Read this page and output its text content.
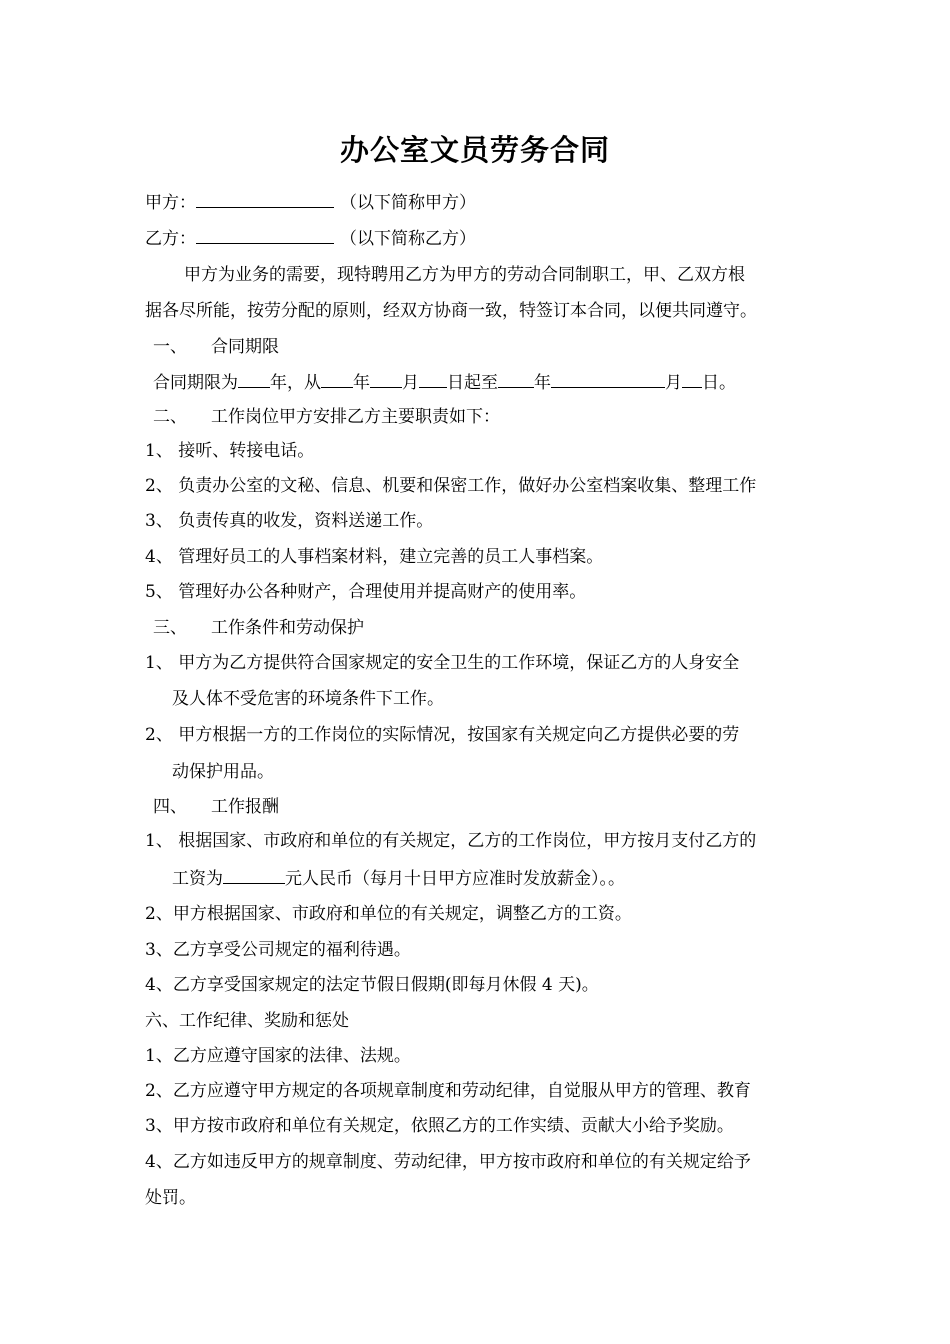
办公室文员劳务合同
甲方：	（以下简称甲方）
乙方：	（以下简称乙方）
甲方为业务的需要，现特聘用乙方为甲方的劳动合同制职工，甲、乙双方根
据各尽所能，按劳分配的原则，经双方协商一致，特签订本合同，以便共同遵守。
一、 合同期限
合同期限为 年，从 年 月 日起至 年	月 日。
二、 工作岗位甲方安排乙方主要职责如下：
1、 接听、转接电话。
2、 负责办公室的文秘、信息、机要和保密工作，做好办公室档案收集、整理工作
3、 负责传真的收发，资料送递工作。
4、 管理好员工的人事档案材料，建立完善的员工人事档案。
5、 管理好办公各种财产，合理使用并提高财产的使用率。
三、 工作条件和劳动保护
1、 甲方为乙方提供符合国家规定的安全卫生的工作环境，保证乙方的人身安全
及人体不受危害的环境条件下工作。
2、 甲方根据一方的工作岗位的实际情况，按国家有关规定向乙方提供必要的劳
动保护用品。
四、 工作报酬
1、 根据国家、市政府和单位的有关规定，乙方的工作岗位，甲方按月支付乙方的
工资为	元人民币（每月十日甲方应准时发放薪金）。。
2、甲方根据国家、市政府和单位的有关规定，调整乙方的工资。
3、乙方享受公司规定的福利待遇。
4、乙方享受国家规定的法定节假日假期(即每月休假 4 天)。
六、工作纪律、奖励和惩处
1、乙方应遵守国家的法律、法规。
2、乙方应遵守甲方规定的各项规章制度和劳动纪律，自觉服从甲方的管理、教育
3、甲方按市政府和单位有关规定，依照乙方的工作实绩、贡献大小给予奖励。
4、乙方如违反甲方的规章制度、劳动纪律，甲方按市政府和单位的有关规定给予
处罚。
